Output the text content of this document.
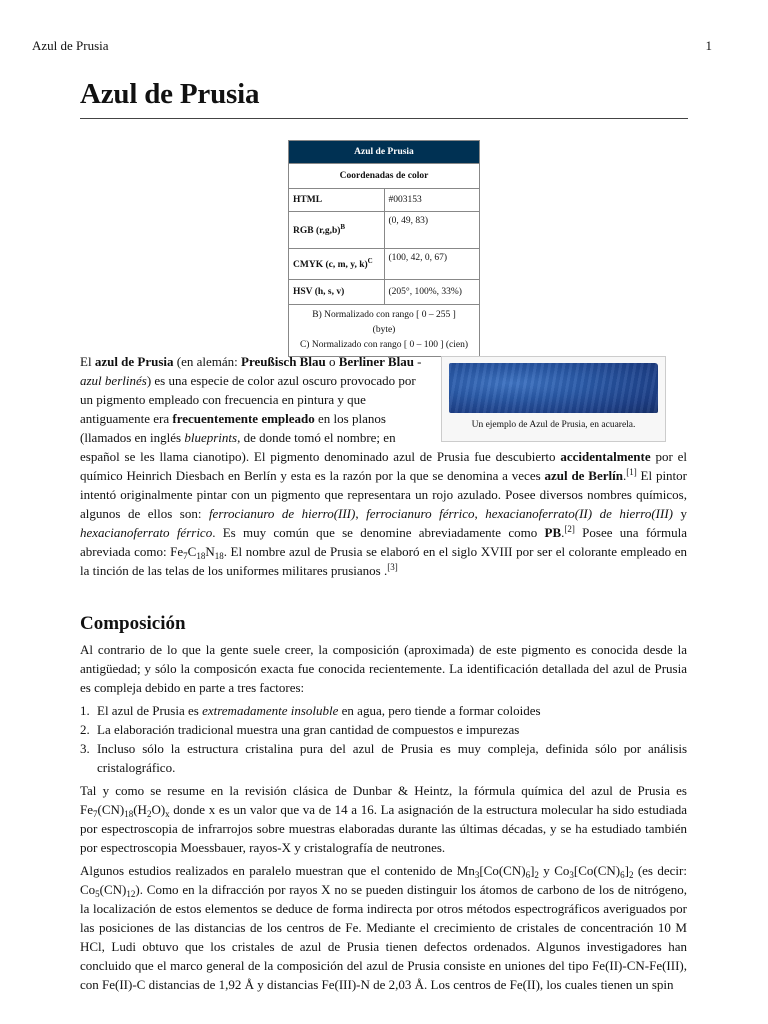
Azul de Prusia	1
Azul de Prusia
Azul de Prusia	
Coordenadas de color	
HTML	#003153
RGB $(r,g,b)^B$	(0, 49, 83)
CMYK (c, m, y, k)$^C$	(100, 42, 0, 67)
HSV (h, s, v)	(205°, 100%, 33%)
B) Normalizado con rango [ 0 – 255 ]
(byte)
C) Normalizado con rango [ 0 – 100 ] (cien)	
Un ejemplo de Azul de Prusia, en acuarela.
El azul de Prusia (en alemán: Preußisch Blau o Berliner Blau -
azul berlinés) es una especie de color azul oscuro provocado por
un pigmento empleado con frecuencia en pintura y que
antiguamente era frecuentemente empleado en los planos
(llamados en inglés blueprints, de donde tomó el nombre; en
español se les llama cianotipo). El pigmento denominado azul de Prusia fue descubierto accidentalmente por el químico Heinrich Diesbach en Berlín y esta es la razón por la que se denomina a veces azul de Berlín.[1] El pintor intentó originalmente pintar con un pigmento que representara un rojo azulado. Posee diversos nombres químicos, algunos de ellos son: ferrocianuro de hierro(III), ferrocianuro férrico, hexacianoferrato(II) de hierro(III) y hexacianoferrato férrico. Es muy común que se denomine abreviadamente como PB.[2] Posee una fórmula abreviada como: $Fe_7C_{18}N_{18}$. El nombre azul de Prusia se elaboró en el siglo XVIII por ser el colorante empleado en la tinción de las telas de los uniformes militares prusianos .[3]
Composición

Al contrario de lo que la gente suele creer, la composición (aproximada) de este pigmento es conocida desde la antigüedad; y sólo la composicón exacta fue conocida recientemente. La identificación detallada del azul de Prusia es compleja debido en parte a tres factores:

1. El azul de Prusia es extremadamente insoluble en agua, pero tiende a formar coloides
2. La elaboración tradicional muestra una gran cantidad de compuestos e impurezas
3. Incluso sólo la estructura cristalina pura del azul de Prusia es muy compleja, definida sólo por análisis cristalográfico.

Tal y como se resume en la revisión clásica de Dunbar & Heintz, la fórmula química del azul de Prusia es $Fe_7(CN)_{18}(H_2O)_x$ donde x es un valor que va de 14 a 16. La asignación de la estructura molecular ha sido estudiada por espectroscopia de infrarrojos sobre muestras elaboradas durante las últimas décadas, y se ha estudiado también por espectroscopia Moessbauer, rayos-X y cristalografía de neutrones.

Algunos estudios realizados en paralelo muestran que el contenido de $Mn_3[Co(CN)_6]_2$ y $Co_3[Co(CN)_6]_2$ (es decir: $Co_5(CN)_{12}$). Como en la difracción por rayos X no se pueden distinguir los átomos de carbono de los de nitrógeno, la localización de estos elementos se deduce de forma indirecta por otros métodos espectrográficos averiguados por las posiciones de las distancias de los centros de Fe. Mediante el crecimiento de cristales de concentración 10 M HCl, Ludi obtuvo que los cristales de azul de Prusia tienen defectos ordenados. Algunos investigadores han concluido que el marco general de la composición del azul de Prusia consiste en uniones del tipo Fe(II)-CN-Fe(III), con Fe(II)-C distancias de 1,92 Å y distancias Fe(III)-N de 2,03 Å. Los centros de Fe(II), los cuales tienen un spin
